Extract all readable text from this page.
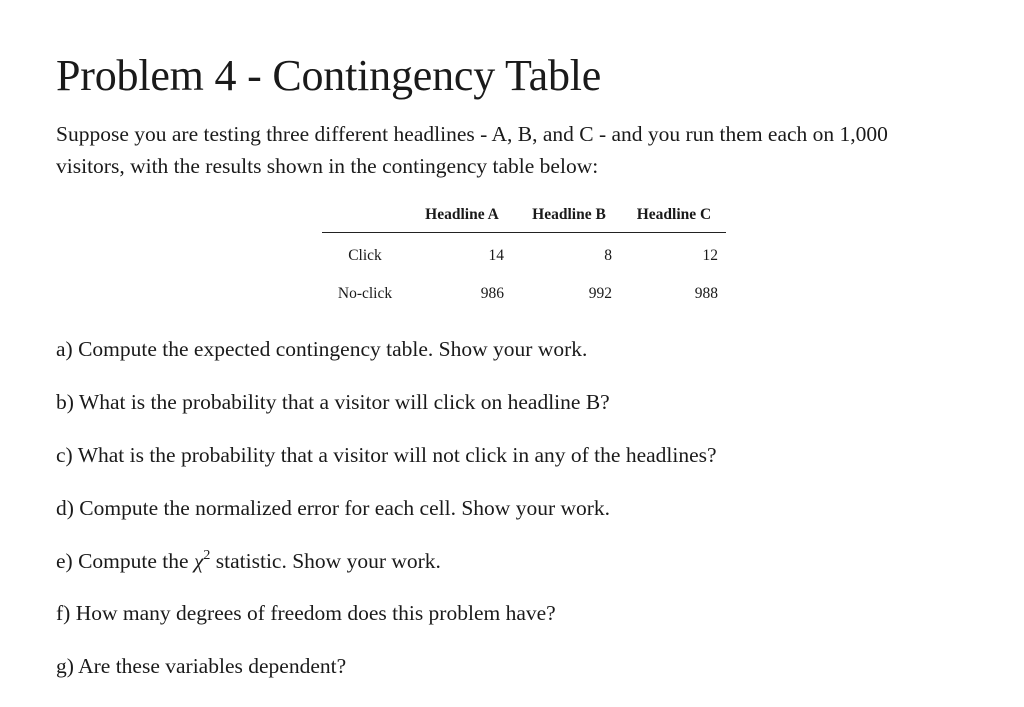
Problem 4 - Contingency Table

Suppose you are testing three different headlines - A, B, and C - and you run them each on 1,000 visitors, with the results shown in the contingency table below:

	Headline A	Headline B	Headline C
Click	14	8	12
No-click	986	992	988

a) Compute the expected contingency table. Show your work.

b) What is the probability that a visitor will click on headline B?

c) What is the probability that a visitor will not click in any of the headlines?

d) Compute the normalized error for each cell. Show your work.

e) Compute the $\chi^2$ statistic. Show your work.

f) How many degrees of freedom does this problem have?

g) Are these variables dependent?
